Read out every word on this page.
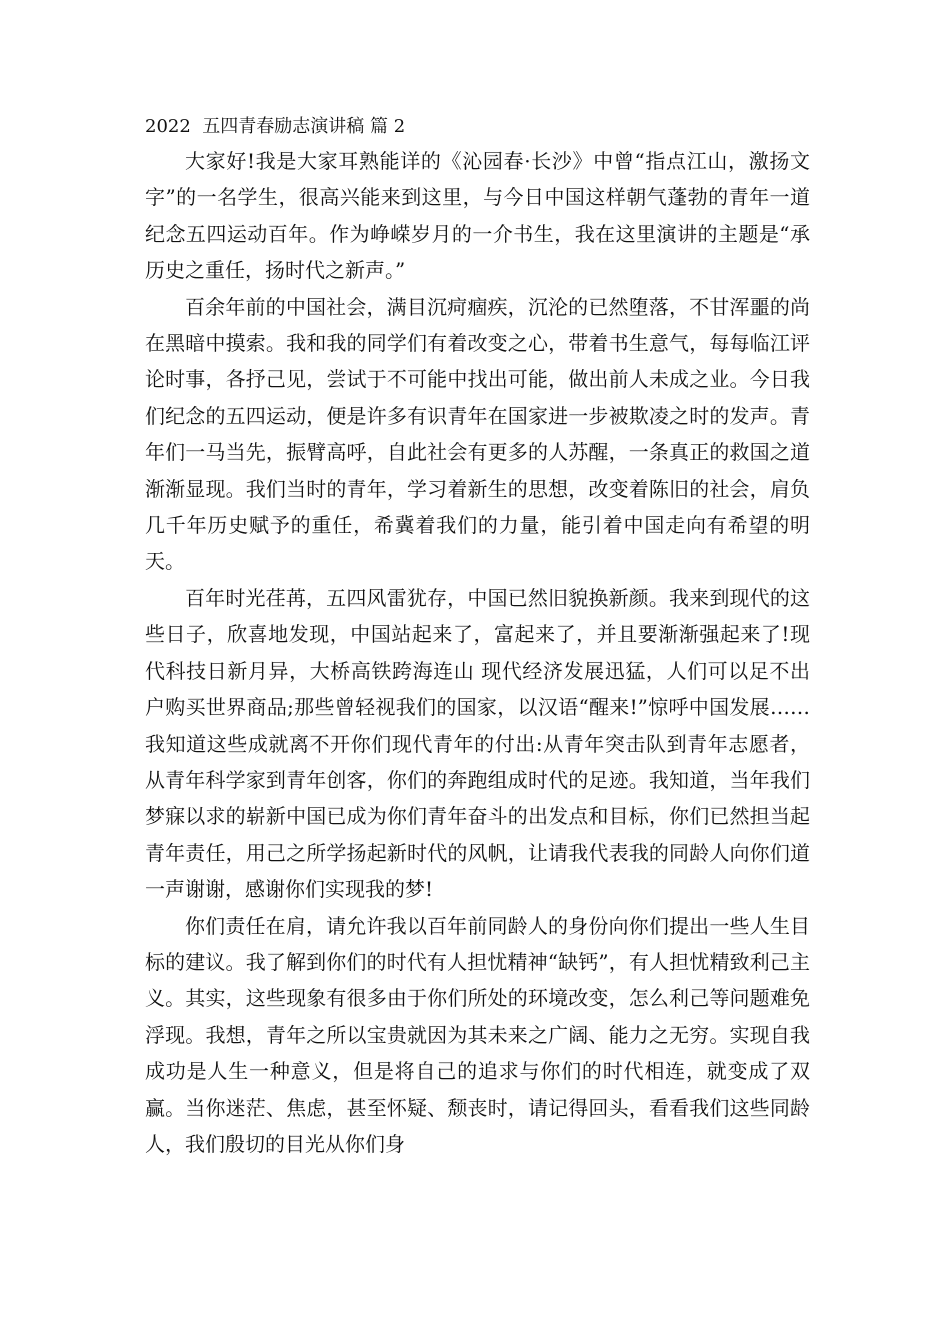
2022  五四青春励志演讲稿 篇 2

大家好!我是大家耳熟能详的《沁园春·长沙》中曾“指点江山，激扬文字”的一名学生，很高兴能来到这里，与今日中国这样朝气蓬勃的青年一道纪念五四运动百年。作为峥嵘岁月的一介书生，我在这里演讲的主题是“承历史之重任，扬时代之新声。”

百余年前的中国社会，满目沉疴痼疾，沉沦的已然堕落，不甘浑噩的尚在黑暗中摸索。我和我的同学们有着改变之心，带着书生意气，每每临江评论时事，各抒己见，尝试于不可能中找出可能，做出前人未成之业。今日我们纪念的五四运动，便是许多有识青年在国家进一步被欺凌之时的发声。青年们一马当先，振臂高呼，自此社会有更多的人苏醒，一条真正的救国之道渐渐显现。我们当时的青年，学习着新生的思想，改变着陈旧的社会，肩负几千年历史赋予的重任，希冀着我们的力量，能引着中国走向有希望的明天。

百年时光荏苒，五四风雷犹存，中国已然旧貌换新颜。我来到现代的这些日子，欣喜地发现，中国站起来了，富起来了，并且要渐渐强起来了!现代科技日新月异，大桥高铁跨海连山 现代经济发展迅猛，人们可以足不出户购买世界商品;那些曾轻视我们的国家，以汉语“醒来!”惊呼中国发展……我知道这些成就离不开你们现代青年的付出:从青年突击队到青年志愿者，从青年科学家到青年创客，你们的奔跑组成时代的足迹。我知道，当年我们梦寐以求的崭新中国已成为你们青年奋斗的出发点和目标，你们已然担当起青年责任，用己之所学扬起新时代的风帆，让请我代表我的同龄人向你们道一声谢谢，感谢你们实现我的梦!

你们责任在肩，请允许我以百年前同龄人的身份向你们提出一些人生目标的建议。我了解到你们的时代有人担忧精神“缺钙”，有人担忧精致利己主义。其实，这些现象有很多由于你们所处的环境改变，怎么利己等问题难免浮现。我想，青年之所以宝贵就因为其未来之广阔、能力之无穷。实现自我成功是人生一种意义，但是将自己的追求与你们的时代相连，就变成了双赢。当你迷茫、焦虑，甚至怀疑、颓丧时，请记得回头，看看我们这些同龄人，我们殷切的目光从你们身
